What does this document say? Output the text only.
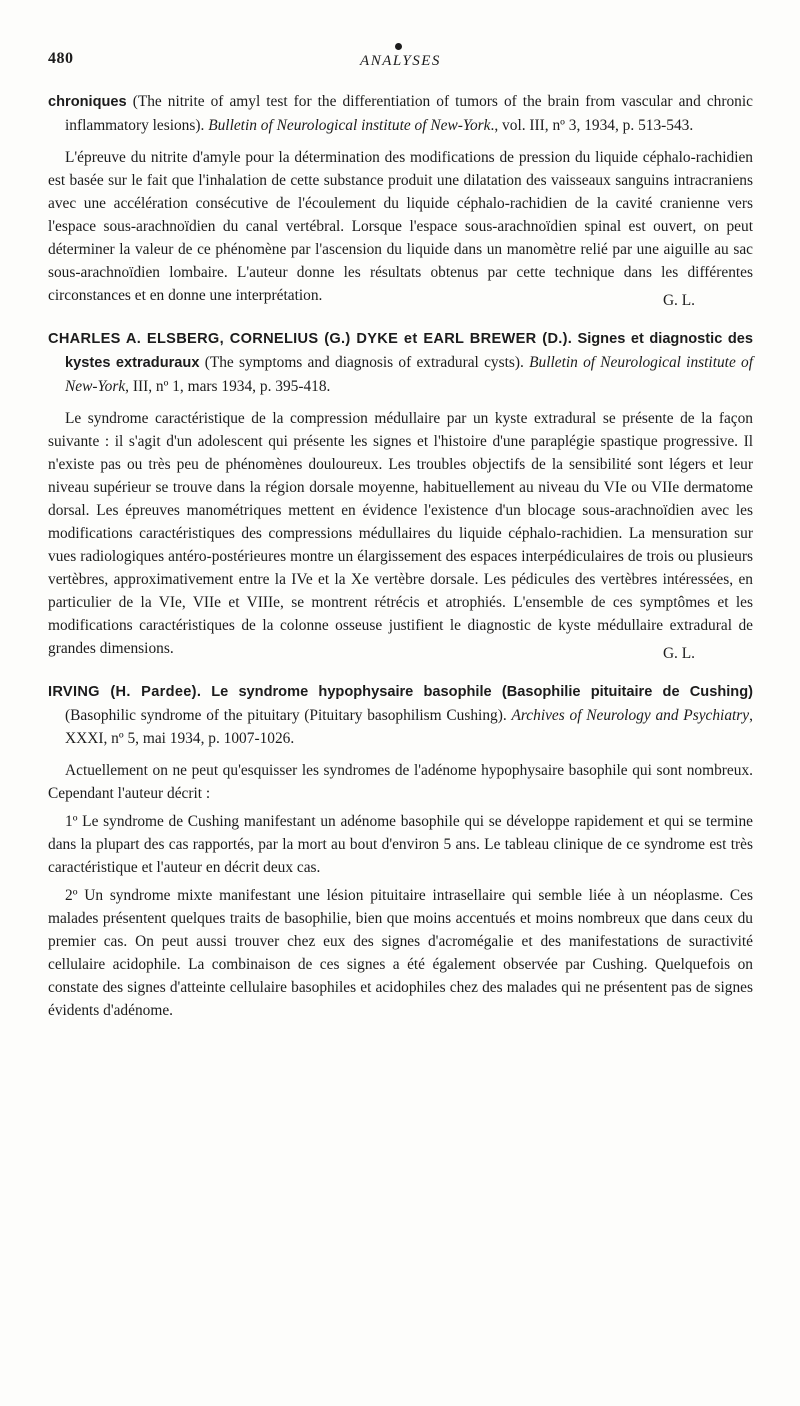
480	ANALYSES

chroniques (The nitrite of amyl test for the differentiation of tumors of the brain from vascular and chronic inflammatory lesions). Bulletin of Neurological institute of New-York., vol. III, nº 3, 1934, p. 513-543.

L'épreuve du nitrite d'amyle pour la détermination des modifications de pression du liquide céphalo-rachidien est basée sur le fait que l'inhalation de cette substance produit une dilatation des vaisseaux sanguins intracraniens avec une accélération consécutive de l'écoulement du liquide céphalo-rachidien de la cavité cranienne vers l'espace sous-arachnoïdien du canal vertébral. Lorsque l'espace sous-arachnoïdien spinal est ouvert, on peut déterminer la valeur de ce phénomène par l'ascension du liquide dans un manomètre relié par une aiguille au sac sous-arachnoïdien lombaire. L'auteur donne les résultats obtenus par cette technique dans les différentes circonstances et en donne une interprétation.	G. L.

CHARLES A. ELSBERG, CORNELIUS (G.) DYKE et EARL BREWER (D.). Signes et diagnostic des kystes extraduraux (The symptoms and diagnosis of extradural cysts). Bulletin of Neurological institute of New-York, III, nº 1, mars 1934, p. 395-418.

Le syndrome caractéristique de la compression médullaire par un kyste extradural se présente de la façon suivante : il s'agit d'un adolescent qui présente les signes et l'histoire d'une paraplégie spastique progressive. Il n'existe pas ou très peu de phénomènes douloureux. Les troubles objectifs de la sensibilité sont légers et leur niveau supérieur se trouve dans la région dorsale moyenne, habituellement au niveau du VIe ou VIIe dermatome dorsal. Les épreuves manométriques mettent en évidence l'existence d'un blocage sous-arachnoïdien avec les modifications caractéristiques des compressions médullaires du liquide céphalo-rachidien. La mensuration sur vues radiologiques antéro-postérieures montre un élargissement des espaces interpédiculaires de trois ou plusieurs vertèbres, approximativement entre la IVe et la Xe vertèbre dorsale. Les pédicules des vertèbres intéressées, en particulier de la VIe, VIIe et VIIIe, se montrent rétrécis et atrophiés. L'ensemble de ces symptômes et les modifications caractéristiques de la colonne osseuse justifient le diagnostic de kyste médullaire extradural de grandes dimensions.	G. L.

IRVING (H. Pardee). Le syndrome hypophysaire basophile (Basophilie pituitaire de Cushing) (Basophilic syndrome of the pituitary (Pituitary basophilism Cushing). Archives of Neurology and Psychiatry, XXXI, nº 5, mai 1934, p. 1007-1026.

Actuellement on ne peut qu'esquisser les syndromes de l'adénome hypophysaire basophile qui sont nombreux. Cependant l'auteur décrit :

1º Le syndrome de Cushing manifestant un adénome basophile qui se développe rapidement et qui se termine dans la plupart des cas rapportés, par la mort au bout d'environ 5 ans. Le tableau clinique de ce syndrome est très caractéristique et l'auteur en décrit deux cas.

2º Un syndrome mixte manifestant une lésion pituitaire intrasellaire qui semble liée à un néoplasme. Ces malades présentent quelques traits de basophilie, bien que moins accentués et moins nombreux que dans ceux du premier cas. On peut aussi trouver chez eux des signes d'acromégalie et des manifestations de suractivité cellulaire acidophile. La combinaison de ces signes a été également observée par Cushing. Quelquefois on constate des signes d'atteinte cellulaire basophiles et acidophiles chez des malades qui ne présentent pas de signes évidents d'adénome.
